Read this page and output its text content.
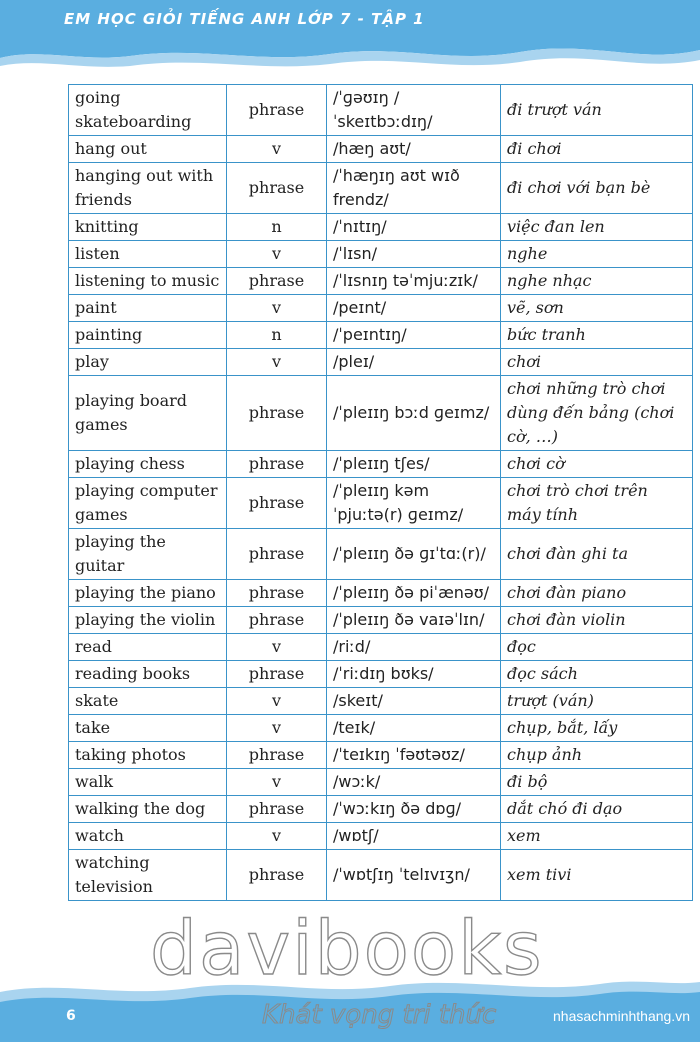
EM HỌC GIỎI TIẾNG ANH LỚP 7 - TẬP 1
going skateboarding	phrase	/ˈɡəʊɪŋ / ˈskeɪtbɔːdɪŋ/	đi trượt ván
hang out	v	/hæŋ aʊt/	đi chơi
hanging out with friends	phrase	/ˈhæŋɪŋ aʊt wɪð frendz/	đi chơi với bạn bè
knitting	n	/ˈnɪtɪŋ/	việc đan len
listen	v	/ˈlɪsn/	nghe
listening to music	phrase	/ˈlɪsnɪŋ təˈmjuːzɪk/	nghe nhạc
paint	v	/peɪnt/	vẽ, sơn
painting	n	/ˈpeɪntɪŋ/	bức tranh
play	v	/pleɪ/	chơi
playing board games	phrase	/ˈpleɪɪŋ bɔːd ɡeɪmz/	chơi những trò chơi dùng đến bảng (chơi cờ, …)
playing chess	phrase	/ˈpleɪɪŋ tʃes/	chơi cờ
playing computer games	phrase	/ˈpleɪɪŋ kəmˈpjuːtə(r) ɡeɪmz/	chơi trò chơi trên máy tính
playing the guitar	phrase	/ˈpleɪɪŋ ðə ɡɪˈtɑː(r)/	chơi đàn ghi ta
playing the piano	phrase	/ˈpleɪɪŋ ðə piˈænəʊ/	chơi đàn piano
playing the violin	phrase	/ˈpleɪɪŋ ðə vaɪəˈlɪn/	chơi đàn violin
read	v	/riːd/	đọc
reading books	phrase	/ˈriːdɪŋ bʊks/	đọc sách
skate	v	/skeɪt/	trượt (ván)
take	v	/teɪk/	chụp, bắt, lấy
taking photos	phrase	/ˈteɪkɪŋ ˈfəʊtəʊz/	chụp ảnh
walk	v	/wɔːk/	đi bộ
walking the dog	phrase	/ˈwɔːkɪŋ ðə dɒɡ/	dắt chó đi dạo
watch	v	/wɒtʃ/	xem
watching television	phrase	/ˈwɒtʃɪŋ ˈtelɪvɪʒn/	xem tivi
davibooks
Khát vọng tri thức
6	nhasachminhthang.vn
